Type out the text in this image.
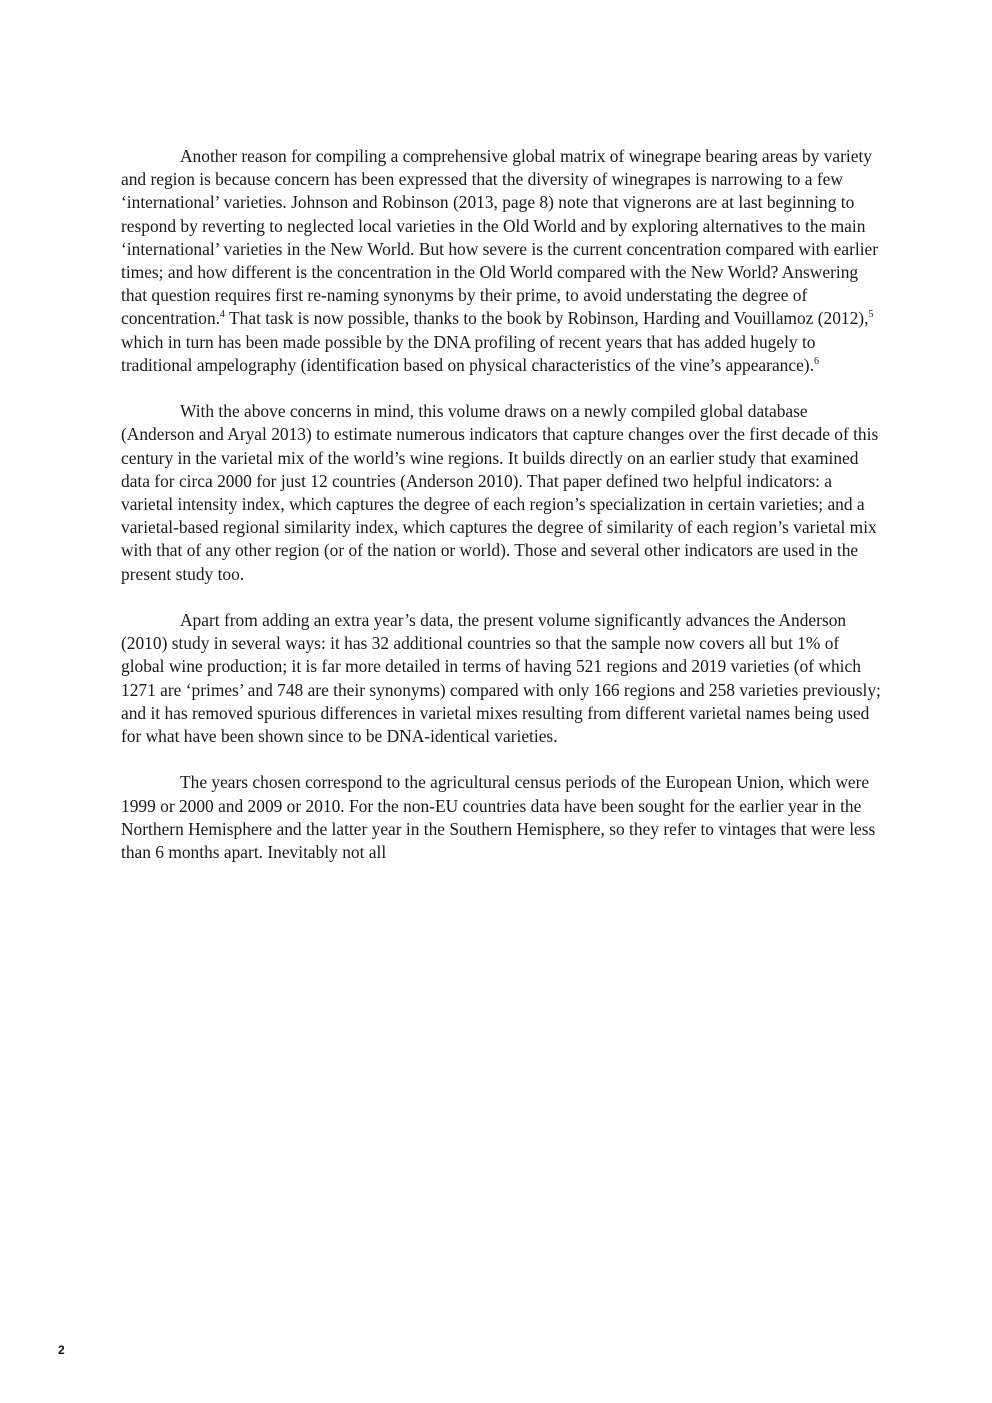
Another reason for compiling a comprehensive global matrix of winegrape bearing areas by variety and region is because concern has been expressed that the diversity of winegrapes is narrowing to a few ‘international’ varieties. Johnson and Robinson (2013, page 8) note that vignerons are at last beginning to respond by reverting to neglected local varieties in the Old World and by exploring alternatives to the main ‘international’ varieties in the New World. But how severe is the current concentration compared with earlier times; and how different is the concentration in the Old World compared with the New World? Answering that question requires first re-naming synonyms by their prime, to avoid understating the degree of concentration.$^4$ That task is now possible, thanks to the book by Robinson, Harding and Vouillamoz (2012),$^5$ which in turn has been made possible by the DNA profiling of recent years that has added hugely to traditional ampelography (identification based on physical characteristics of the vine’s appearance).$^6$

With the above concerns in mind, this volume draws on a newly compiled global database (Anderson and Aryal 2013) to estimate numerous indicators that capture changes over the first decade of this century in the varietal mix of the world’s wine regions. It builds directly on an earlier study that examined data for circa 2000 for just 12 countries (Anderson 2010). That paper defined two helpful indicators: a varietal intensity index, which captures the degree of each region’s specialization in certain varieties; and a varietal-based regional similarity index, which captures the degree of similarity of each region’s varietal mix with that of any other region (or of the nation or world). Those and several other indicators are used in the present study too.

Apart from adding an extra year’s data, the present volume significantly advances the Anderson (2010) study in several ways: it has 32 additional countries so that the sample now covers all but 1% of global wine production; it is far more detailed in terms of having 521 regions and 2019 varieties (of which 1271 are ‘primes’ and 748 are their synonyms) compared with only 166 regions and 258 varieties previously; and it has removed spurious differences in varietal mixes resulting from different varietal names being used for what have been shown since to be DNA-identical varieties.

The years chosen correspond to the agricultural census periods of the European Union, which were 1999 or 2000 and 2009 or 2010. For the non-EU countries data have been sought for the earlier year in the Northern Hemisphere and the latter year in the Southern Hemisphere, so they refer to vintages that were less than 6 months apart. Inevitably not all

2
